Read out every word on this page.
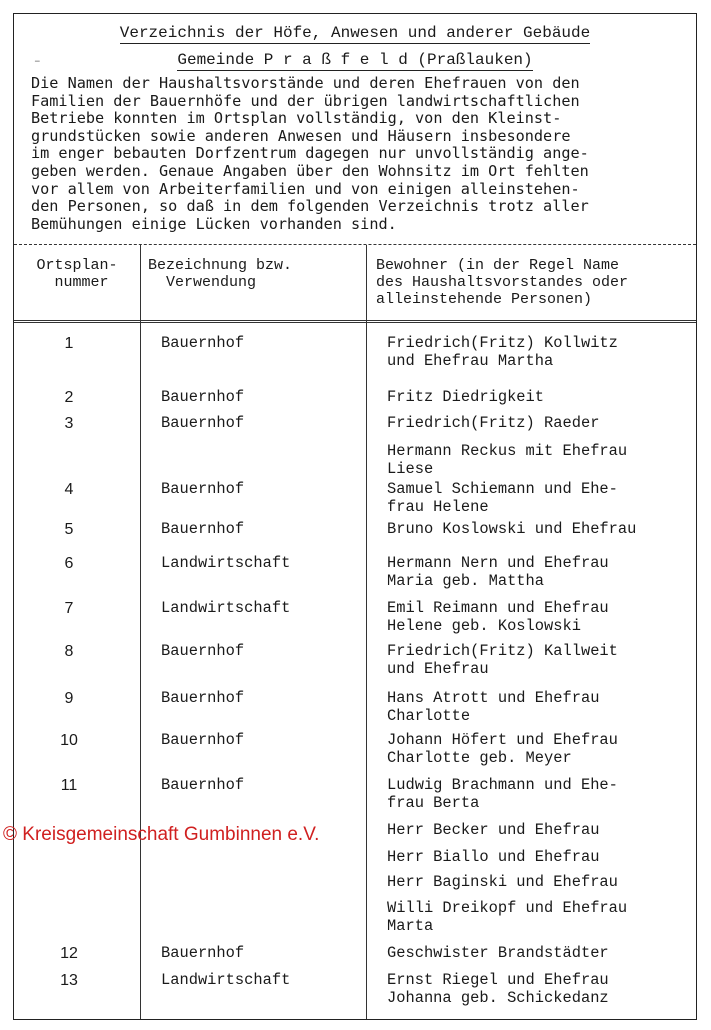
–
Verzeichnis der Höfe, Anwesen und anderer Gebäude
Gemeinde P r a ß f e l d (Praßlauken)
Die Namen der Haushaltsvorstände und deren Ehefrauen von den
Familien der Bauernhöfe und der übrigen landwirtschaftlichen
Betriebe konnten im Ortsplan vollständig, von den Kleinst-
grundstücken sowie anderen Anwesen und Häusern insbesondere
im enger bebauten Dorfzentrum dagegen nur unvollständig ange-
geben werden. Genaue Angaben über den Wohnsitz im Ort fehlten
vor allem von Arbeiterfamilien und von einigen alleinstehen-
den Personen, so daß in dem folgenden Verzeichnis trotz aller
Bemühungen einige Lücken vorhanden sind.
Ortsplan-
nummer
Bezeichnung bzw.
Verwendung
Bewohner (in der Regel Name
des Haushaltsvorstandes oder
alleinstehende Personen)
1	Bauernhof	Friedrich(Fritz) Kollwitz
und Ehefrau Martha
2	Bauernhof	Fritz Diedrigkeit
3	Bauernhof	Friedrich(Fritz) Raeder
Hermann Reckus mit Ehefrau
Liese
4	Bauernhof	Samuel Schiemann und Ehe-
frau Helene
5	Bauernhof	Bruno Koslowski und Ehefrau
6	Landwirtschaft	Hermann Nern und Ehefrau
Maria geb. Mattha
7	Landwirtschaft	Emil Reimann und Ehefrau
Helene geb. Koslowski
8	Bauernhof	Friedrich(Fritz) Kallweit
und Ehefrau
9	Bauernhof	Hans Atrott und Ehefrau
Charlotte
10	Bauernhof	Johann Höfert und Ehefrau
Charlotte geb. Meyer
11	Bauernhof	Ludwig Brachmann und Ehe-
frau Berta
Herr Becker und Ehefrau
Herr Biallo und Ehefrau
Herr Baginski und Ehefrau
Willi Dreikopf und Ehefrau
Marta
12	Bauernhof	Geschwister Brandstädter
13	Landwirtschaft	Ernst Riegel und Ehefrau
Johanna geb. Schickedanz
© Kreisgemeinschaft Gumbinnen e.V.
